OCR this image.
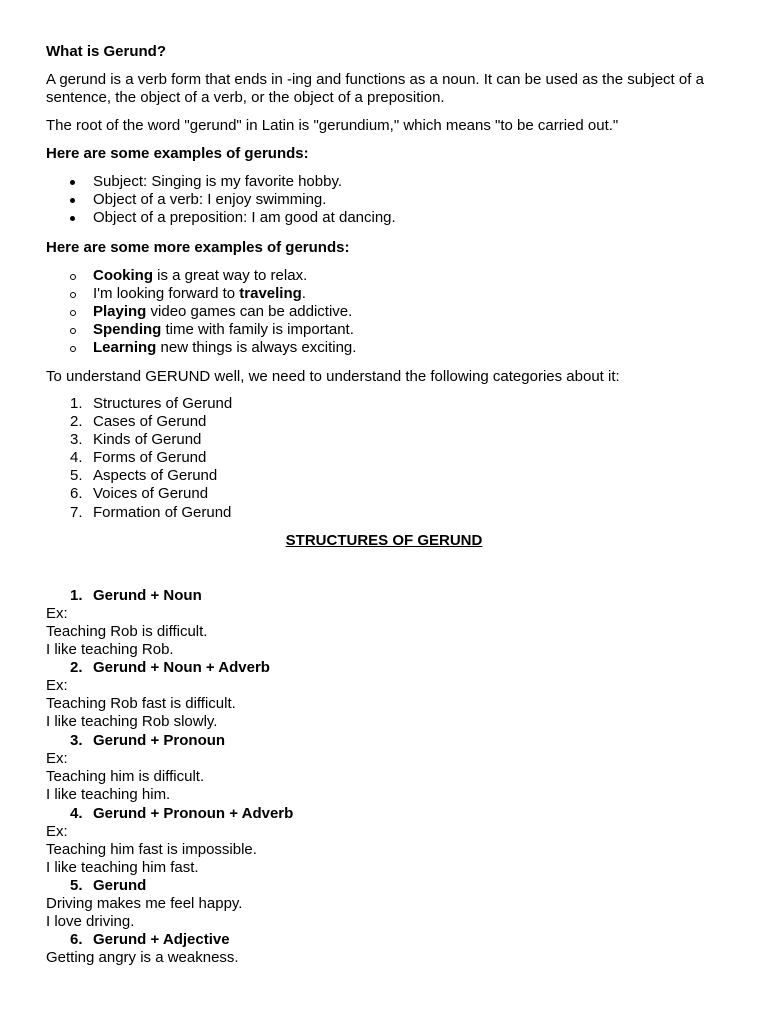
What is Gerund?
A gerund is a verb form that ends in -ing and functions as a noun. It can be used as the subject of a sentence, the object of a verb, or the object of a preposition.
The root of the word "gerund" in Latin is "gerundium," which means "to be carried out."
Here are some examples of gerunds:
Subject: Singing is my favorite hobby.
Object of a verb: I enjoy swimming.
Object of a preposition: I am good at dancing.
Here are some more examples of gerunds:
Cooking is a great way to relax.
I'm looking forward to traveling.
Playing video games can be addictive.
Spending time with family is important.
Learning new things is always exciting.
To understand GERUND well, we need to understand the following categories about it:
1. Structures of Gerund
2. Cases of Gerund
3. Kinds of Gerund
4. Forms of Gerund
5. Aspects of Gerund
6. Voices of Gerund
7. Formation of Gerund
STRUCTURES OF GERUND
1. Gerund + Noun
Ex:
Teaching Rob is difficult.
I like teaching Rob.
2. Gerund + Noun + Adverb
Ex:
Teaching Rob fast is difficult.
I like teaching Rob slowly.
3. Gerund + Pronoun
Ex:
Teaching him is difficult.
I like teaching him.
4. Gerund + Pronoun + Adverb
Ex:
Teaching him fast is impossible.
I like teaching him fast.
5. Gerund
Driving makes me feel happy.
I love driving.
6. Gerund + Adjective
Getting angry is a weakness.
